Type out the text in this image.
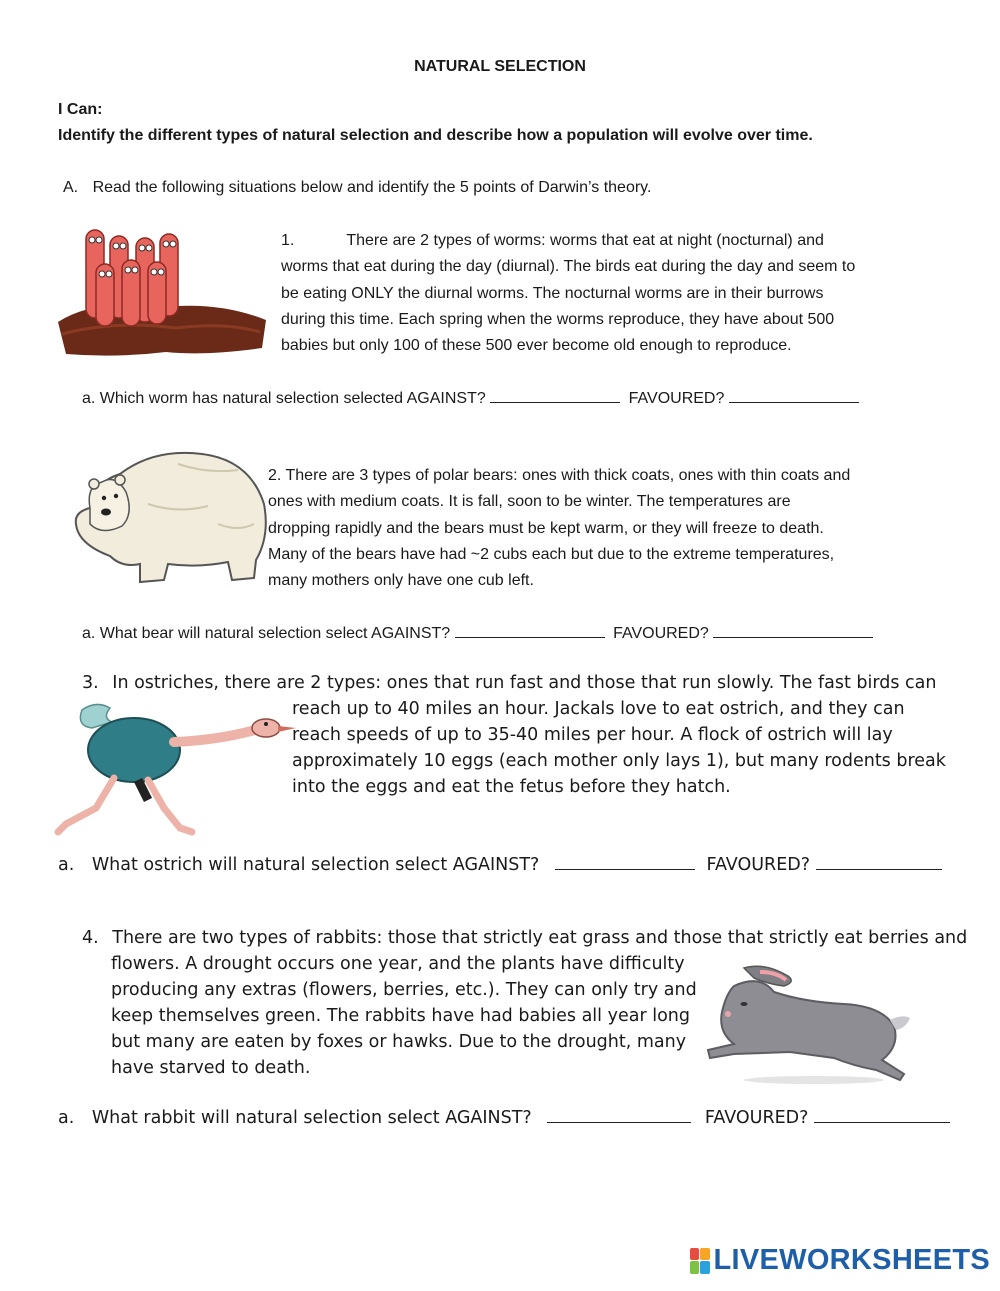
NATURAL SELECTION
I Can:
Identify the different types of natural selection and describe how a population will evolve over time.
A. Read the following situations below and identify the 5 points of Darwin’s theory.
1.	There are 2 types of worms: worms that eat at night (nocturnal) and
worms that eat during the day (diurnal). The birds eat during the day and seem to
be eating ONLY the diurnal worms. The nocturnal worms are in their burrows
during this time. Each spring when the worms reproduce, they have about 500
babies but only 100 of these 500 ever become old enough to reproduce.
a. Which worm has natural selection selected AGAINST?	FAVOURED?
2. There are 3 types of polar bears: ones with thick coats, ones with thin coats and
ones with medium coats. It is fall, soon to be winter. The temperatures are
dropping rapidly and the bears must be kept warm, or they will freeze to death.
Many of the bears have had ~2 cubs each but due to the extreme temperatures,
many mothers only have one cub left.
a. What bear will natural selection select AGAINST?	FAVOURED?
3. In ostriches, there are 2 types: ones that run fast and those that run slowly. The fast birds can
reach up to 40 miles an hour. Jackals love to eat ostrich, and they can
reach speeds of up to 35-40 miles per hour. A flock of ostrich will lay
approximately 10 eggs (each mother only lays 1), but many rodents break
into the eggs and eat the fetus before they hatch.
a. What ostrich will natural selection select AGAINST?	FAVOURED?
4. There are two types of rabbits: those that strictly eat grass and those that strictly eat berries and
flowers. A drought occurs one year, and the plants have difficulty
producing any extras (flowers, berries, etc.). They can only try and
keep themselves green. The rabbits have had babies all year long
but many are eaten by foxes or hawks. Due to the drought, many
have starved to death.
a. What rabbit will natural selection select AGAINST?	FAVOURED?
LIVEWORKSHEETS
